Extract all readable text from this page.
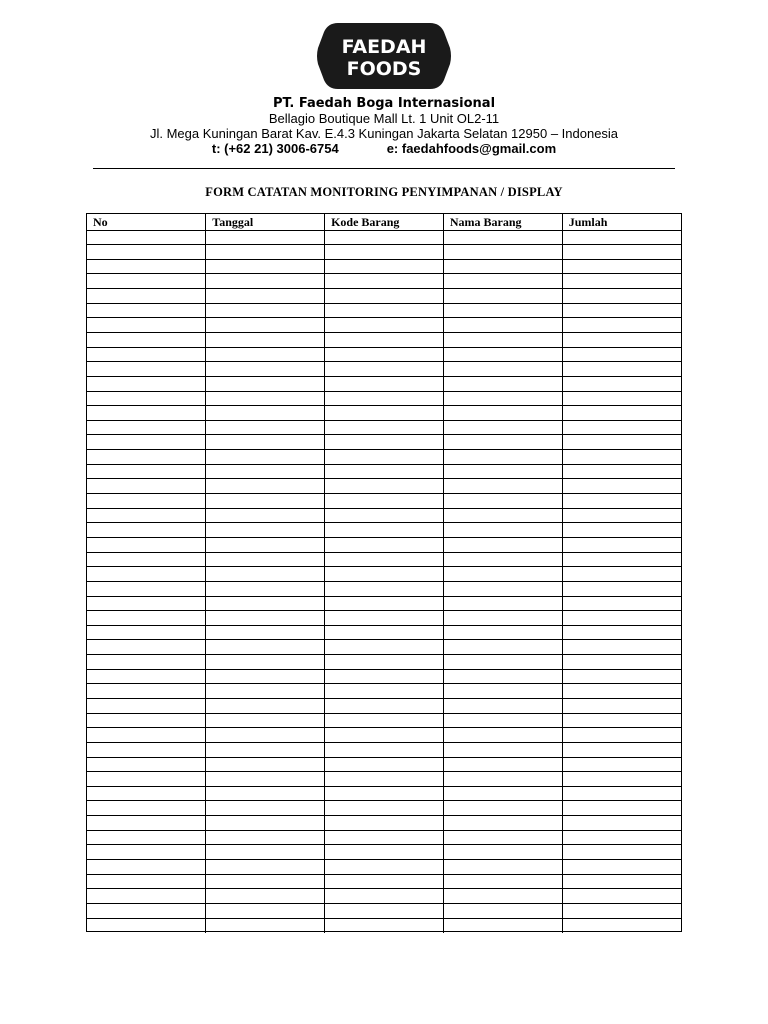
FAEDAH
FOODS

PT. Faedah Boga Internasional

Bellagio Boutique Mall Lt. 1 Unit OL2-11

Jl. Mega Kuningan Barat Kav. E.4.3 Kuningan Jakarta Selatan 12950 – Indonesia

t: (+62 21) 3006-6754	e: faedahfoods@gmail.com

FORM CATATAN MONITORING PENYIMPANAN / DISPLAY
No	Tanggal	Kode Barang	Nama Barang	Jumlah
